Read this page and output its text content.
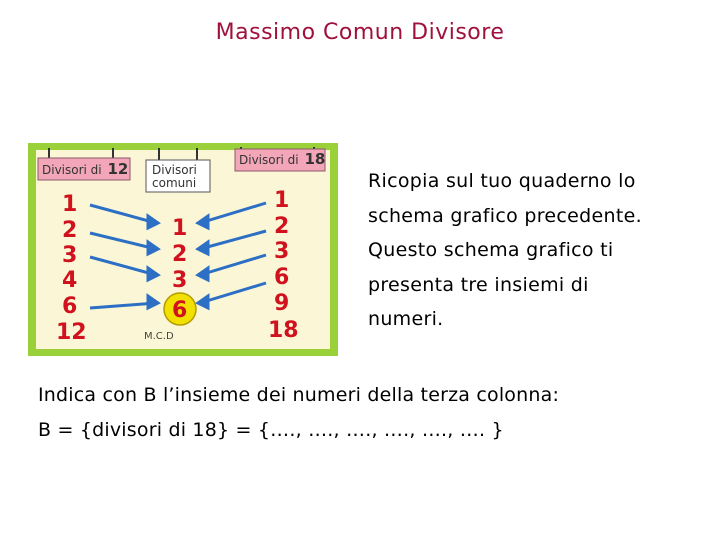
Massimo Comun Divisore
Divisori di 12 Divisori
comuni
Divisori di 18
1
2
3
4
6
12
1
2
3
6
1
2
3
6
9
18
M.C.D
Ricopia sul tuo quaderno lo
schema grafico precedente.
Questo schema grafico ti
presenta tre insiemi di
numeri.
Indica con B l’insieme dei numeri della terza colonna:
B = {divisori di 18} = {…., …., …., …., …., …. }
